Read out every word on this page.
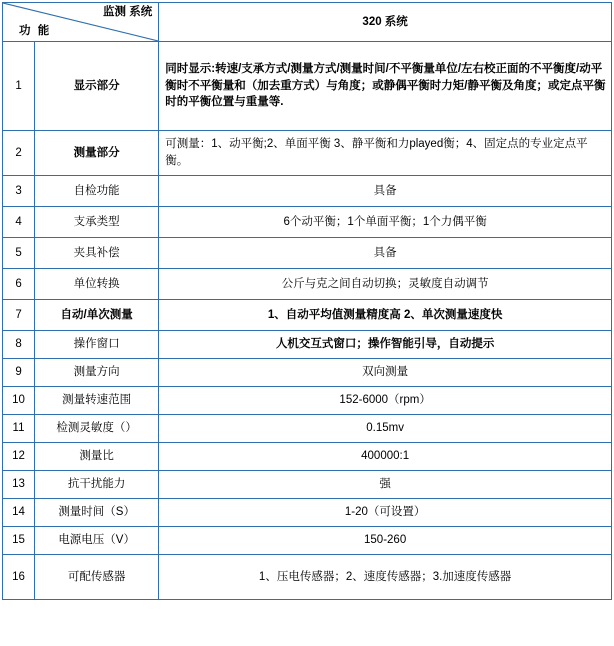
监测 系统
功 能		320 系统
1	显示部分	同时显示:转速/支承方式/测量方式/测量时间/不平衡量单位/左右校正面的不平衡度/动平衡时不平衡量和（加去重方式）与角度；或静偶平衡时力矩/静平衡及角度；或定点平衡时的平衡位置与重量等.
2	测量部分	可测量：1、动平衡;2、单面平衡 3、静平衡和力played衡；4、固定点的专业定点平衡。
3	自检功能	具备
4	支承类型	6个动平衡；1个单面平衡；1个力偶平衡
5	夹具补偿	具备
6	单位转换	公斤与克之间自动切换；灵敏度自动调节
7	自动/单次测量	1、自动平均值测量精度高 2、单次测量速度快
8	操作窗口	人机交互式窗口；操作智能引导，自动提示
9	测量方向	双向测量
10	测量转速范围	152-6000（rpm）
11	检测灵敏度（）	0.15mv
12	测量比	400000:1
13	抗干扰能力	强
14	测量时间（S）	1-20（可设置）
15	电源电压（V）	150-260
16	可配传感器	1、压电传感器；2、速度传感器；3.加速度传感器
